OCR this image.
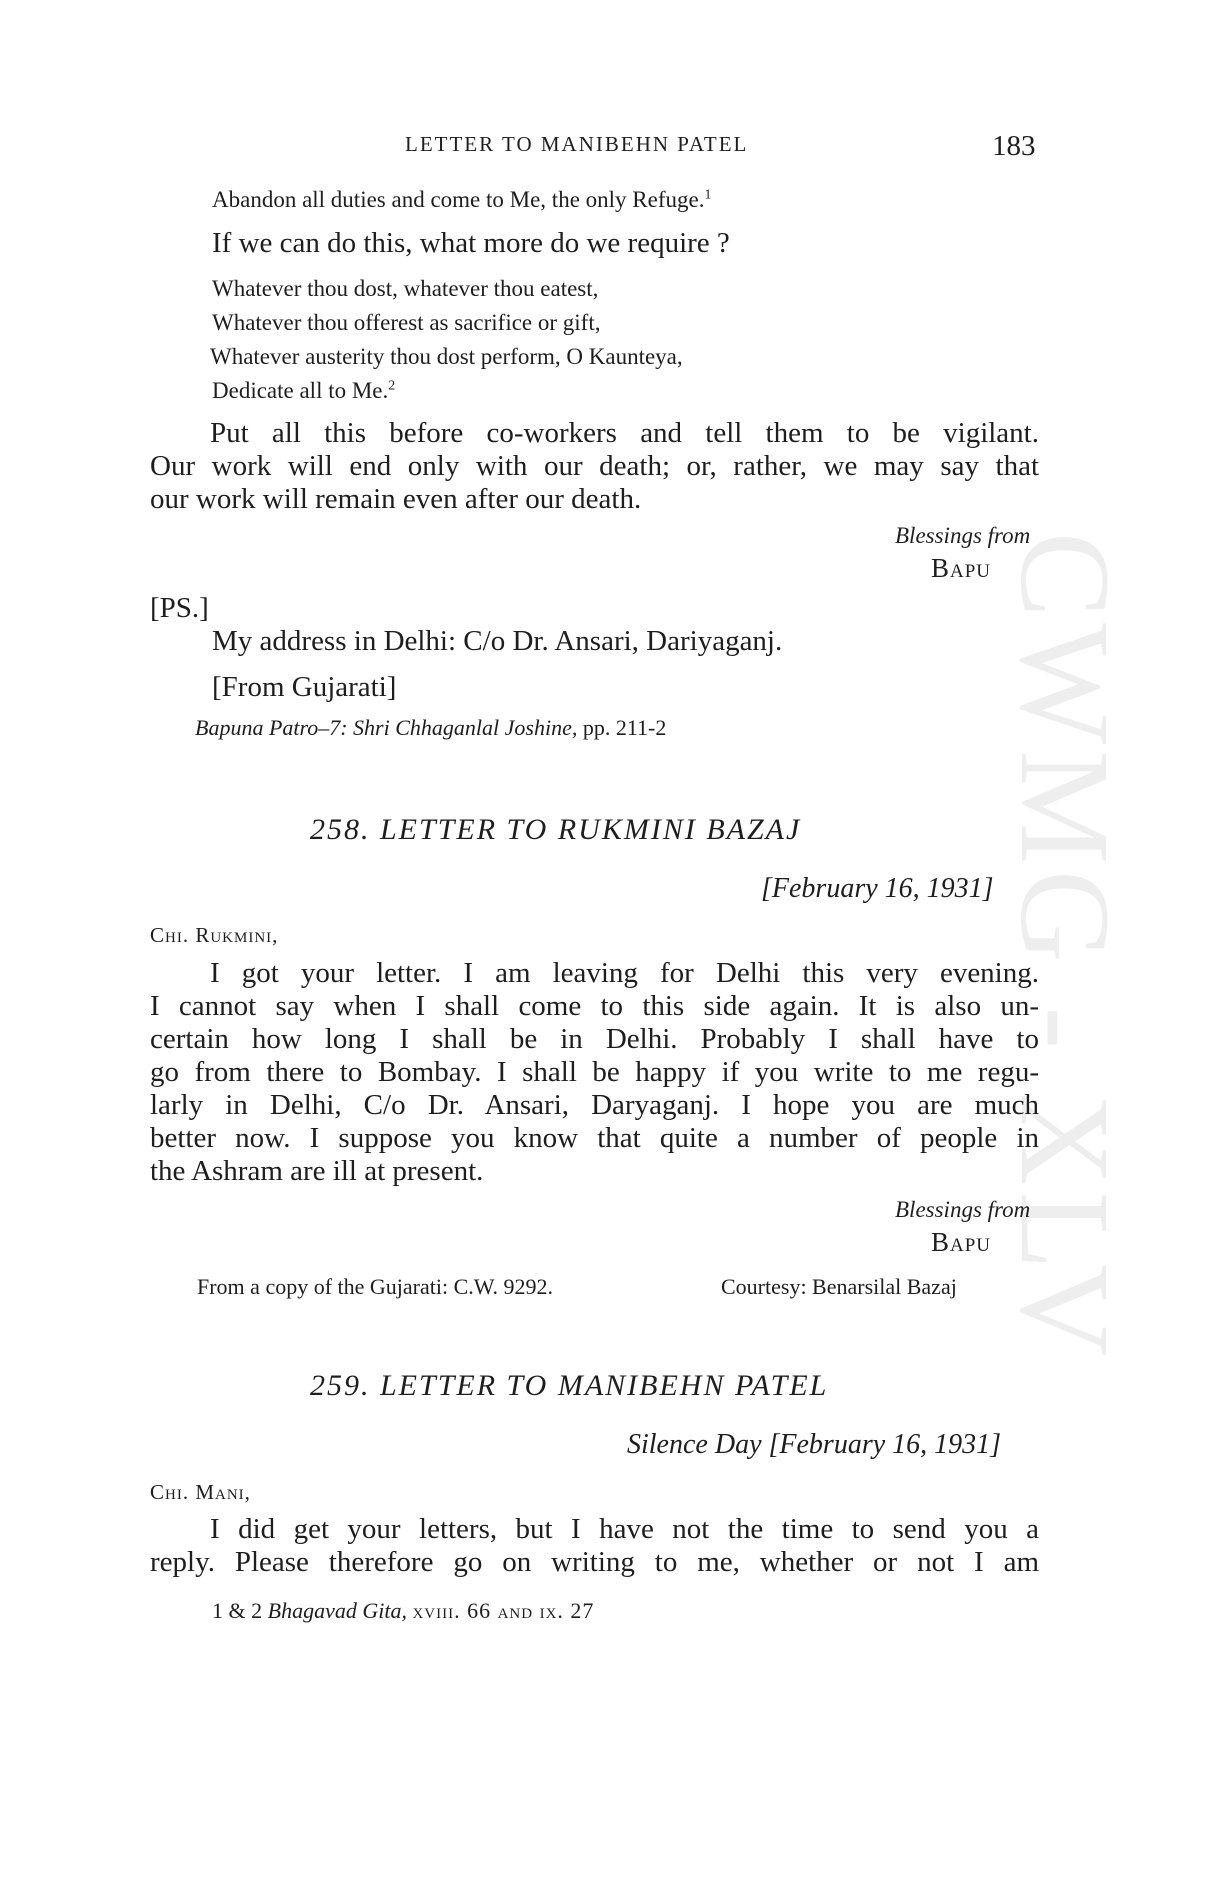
CWMG - XLV
LETTER TO MANIBEHN PATEL	183
Abandon all duties and come to Me, the only Refuge.$^1$
If we can do this, what more do we require ?
Whatever thou dost, whatever thou eatest,
Whatever thou offerest as sacrifice or gift,
Whatever austerity thou dost perform, O Kaunteya,
Dedicate all to Me.$^2$
Put all this before co-workers and tell them to be vigilant.
Our work will end only with our death; or, rather, we may say that
our work will remain even after our death.
Blessings from
Bapu
[PS.]
My address in Delhi: C/o Dr. Ansari, Dariyaganj.
[From Gujarati]
Bapuna Patro–7: Shri Chhaganlal Joshine, pp. 211-2
258. LETTER TO RUKMINI BAZAJ
[February 16, 1931]
Chi. Rukmini,
I got your letter. I am leaving for Delhi this very evening.
I cannot say when I shall come to this side again. It is also un-
certain how long I shall be in Delhi. Probably I shall have to
go from there to Bombay. I shall be happy if you write to me regu-
larly in Delhi, C/o Dr. Ansari, Daryaganj. I hope you are much
better now. I suppose you know that quite a number of people in
the Ashram are ill at present.
Blessings from
Bapu
From a copy of the Gujarati: C.W. 9292.	Courtesy: Benarsilal Bazaj
259. LETTER TO MANIBEHN PATEL
Silence Day [February 16, 1931]
Chi. Mani,
I did get your letters, but I have not the time to send you a
reply. Please therefore go on writing to me, whether or not I am
1 & 2 Bhagavad Gita, xviii. 66 and ix. 27
